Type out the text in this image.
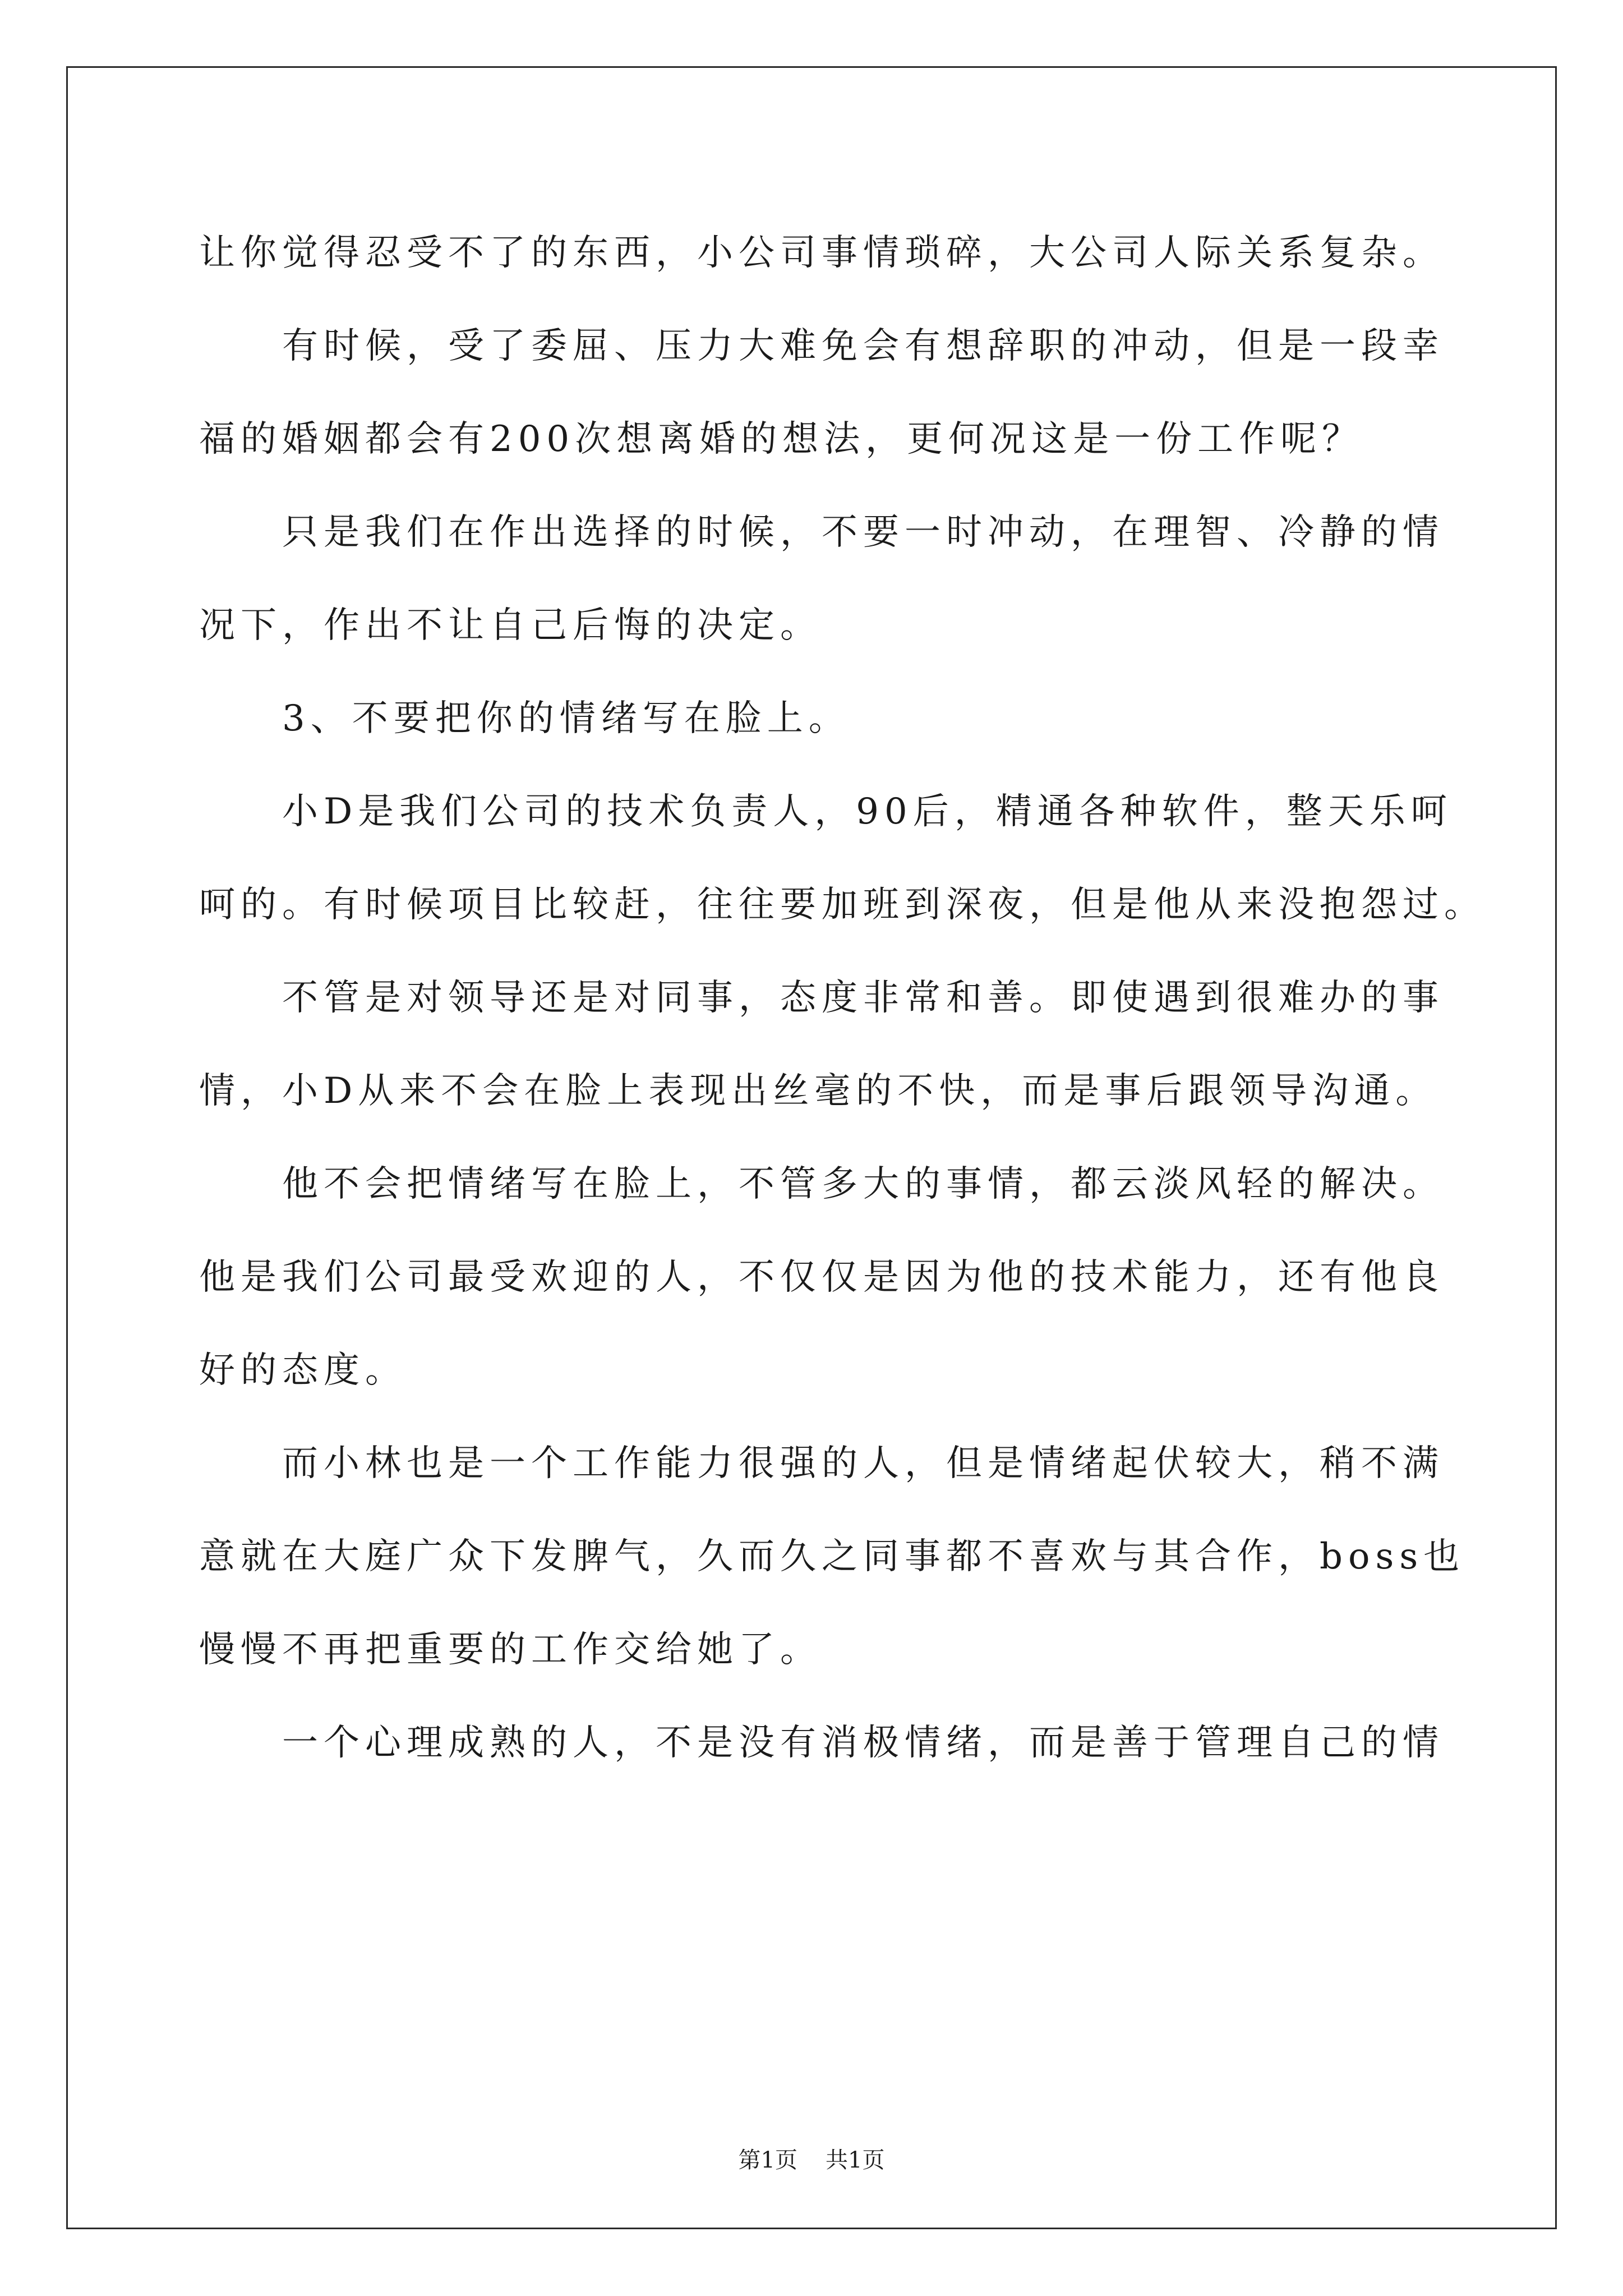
让你觉得忍受不了的东西，小公司事情琐碎，大公司人际关系复杂。

有时候，受了委屈、压力大难免会有想辞职的冲动，但是一段幸

福的婚姻都会有200次想离婚的想法，更何况这是一份工作呢？

只是我们在作出选择的时候，不要一时冲动，在理智、冷静的情

况下，作出不让自己后悔的决定。

3、不要把你的情绪写在脸上。

小D是我们公司的技术负责人，90后，精通各种软件，整天乐呵

呵的。有时候项目比较赶，往往要加班到深夜，但是他从来没抱怨过。

不管是对领导还是对同事，态度非常和善。即使遇到很难办的事

情，小D从来不会在脸上表现出丝毫的不快，而是事后跟领导沟通。

他不会把情绪写在脸上，不管多大的事情，都云淡风轻的解决。

他是我们公司最受欢迎的人，不仅仅是因为他的技术能力，还有他良

好的态度。

而小林也是一个工作能力很强的人，但是情绪起伏较大，稍不满

意就在大庭广众下发脾气，久而久之同事都不喜欢与其合作，boss也

慢慢不再把重要的工作交给她了。

一个心理成熟的人，不是没有消极情绪，而是善于管理自己的情

第1页 共1页
